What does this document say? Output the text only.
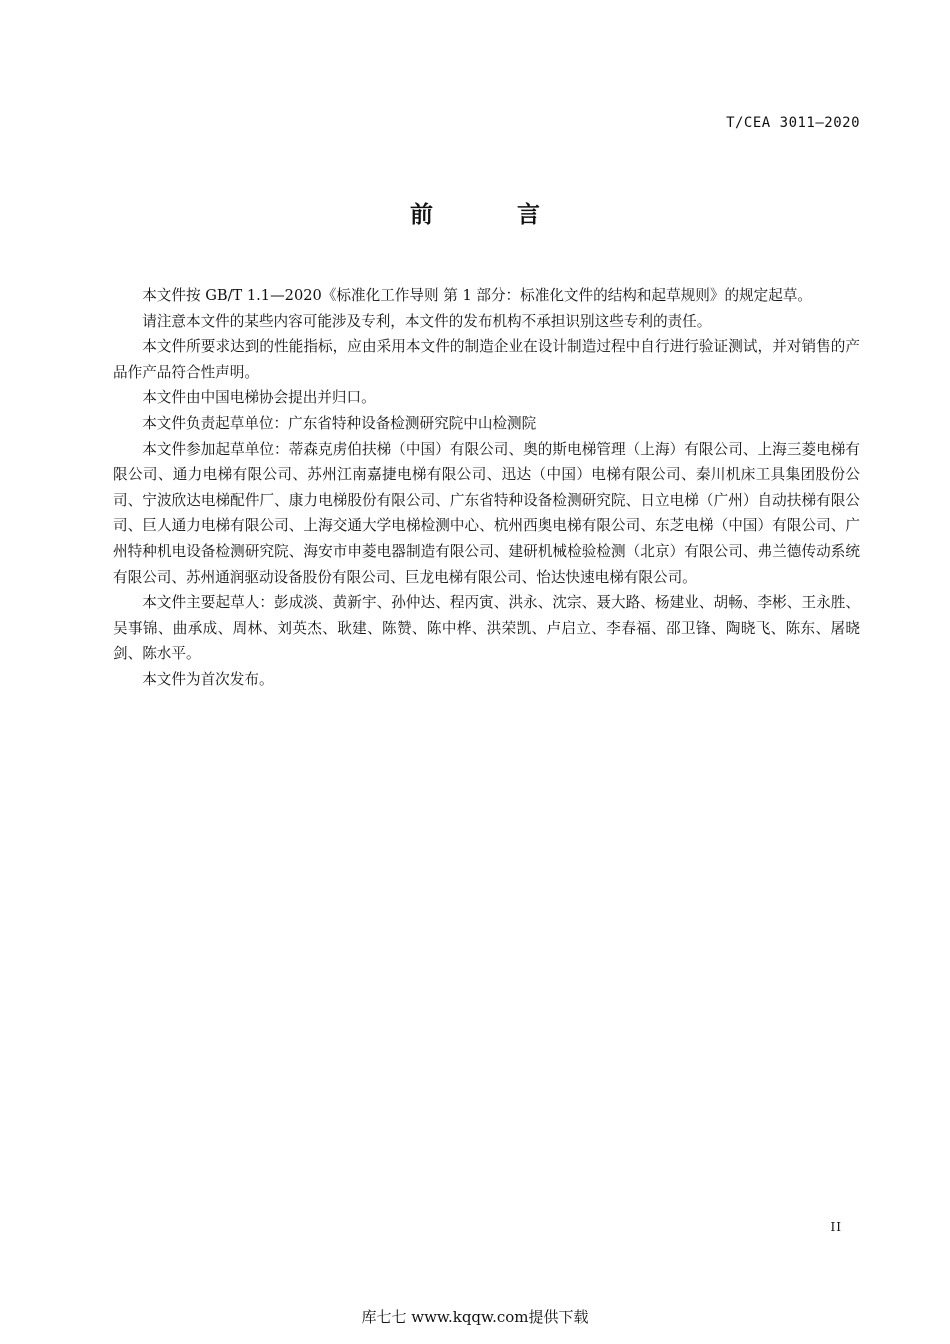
T/CEA 3011—2020
前 言

本文件按 GB/T 1.1—2020《标准化工作导则 第 1 部分：标准化文件的结构和起草规则》的规定起草。

请注意本文件的某些内容可能涉及专利，本文件的发布机构不承担识别这些专利的责任。

本文件所要求达到的性能指标，应由采用本文件的制造企业在设计制造过程中自行进行验证测试，并对销售的产品作产品符合性声明。

本文件由中国电梯协会提出并归口。

本文件负责起草单位：广东省特种设备检测研究院中山检测院

本文件参加起草单位：蒂森克虏伯扶梯（中国）有限公司、奥的斯电梯管理（上海）有限公司、上海三菱电梯有限公司、通力电梯有限公司、苏州江南嘉捷电梯有限公司、迅达（中国）电梯有限公司、秦川机床工具集团股份公司、宁波欣达电梯配件厂、康力电梯股份有限公司、广东省特种设备检测研究院、日立电梯（广州）自动扶梯有限公司、巨人通力电梯有限公司、上海交通大学电梯检测中心、杭州西奥电梯有限公司、东芝电梯（中国）有限公司、广州特种机电设备检测研究院、海安市申菱电器制造有限公司、建研机械检验检测（北京）有限公司、弗兰德传动系统有限公司、苏州通润驱动设备股份有限公司、巨龙电梯有限公司、怡达快速电梯有限公司。

本文件主要起草人：彭成淡、黄新宇、孙仲达、程丙寅、洪永、沈宗、聂大路、杨建业、胡畅、李彬、王永胜、吴事锦、曲承成、周林、刘英杰、耿建、陈赞、陈中桦、洪荣凯、卢启立、李春福、邵卫锋、陶晓飞、陈东、屠晓剑、陈水平。

本文件为首次发布。

II
库七七 www.kqqw.com提供下载
